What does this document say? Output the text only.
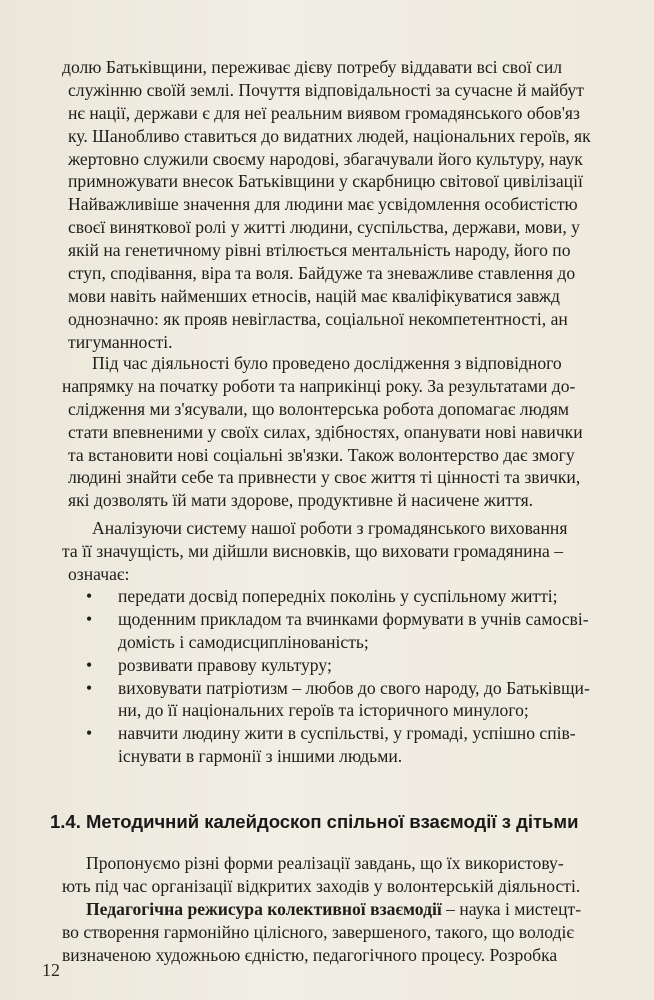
долю Батьківщини, переживає дієву потребу віддавати всі свої сил
служінню своїй землі. Почуття відповідальності за сучасне й майбут
нє нації, держави є для неї реальним виявом громадянського обов'яз
ку. Шанобливо ставиться до видатних людей, національних героїв, як
жертовно служили своєму народові, збагачували його культуру, наук
примножувати внесок Батьківщини у скарбницю світової цивілізації
Найважливіше значення для людини має усвідомлення особистістю
своєї виняткової ролі у житті людини, суспільства, держави, мови, у
якій на генетичному рівні втілюється ментальність народу, його по
ступ, сподівання, віра та воля. Байдуже та зневажливе ставлення до
мови навіть найменших етносів, націй має кваліфікуватися завжд
однозначно: як прояв невігластва, соціальної некомпетентності, ан
тигуманності.
Під час діяльності було проведено дослідження з відповідного
напрямку на початку роботи та наприкінці року. За результатами до-
слідження ми з'ясували, що волонтерська робота допомагає людям
стати впевненими у своїх силах, здібностях, опанувати нові навички
та встановити нові соціальні зв'язки. Також волонтерство дає змогу
людині знайти себе та привнести у своє життя ті цінності та звички,
які дозволять їй мати здорове, продуктивне й насичене життя.
Аналізуючи систему нашої роботи з громадянського виховання
та її значущість, ми дійшли висновків, що виховати громадянина –
означає:
• передати досвід попередніх поколінь у суспільному житті;
• щоденним прикладом та вчинками формувати в учнів самосві-
домість і самодисциплінованість;
• розвивати правову культуру;
• виховувати патріотизм – любов до свого народу, до Батьківщи-
ни, до її національних героїв та історичного минулого;
• навчити людину жити в суспільстві, у громаді, успішно спів-
існувати в гармонії з іншими людьми.
1.4. Методичний калейдоскоп спільної взаємодії з дітьми
Пропонуємо різні форми реалізації завдань, що їх використову-
ють під час організації відкритих заходів у волонтерській діяльності.
Педагогічна режисура колективної взаємодії – наука і мистецт-
во створення гармонійно цілісного, завершеного, такого, що володіє
визначеною художньою єдністю, педагогічного процесу. Розробка
12
